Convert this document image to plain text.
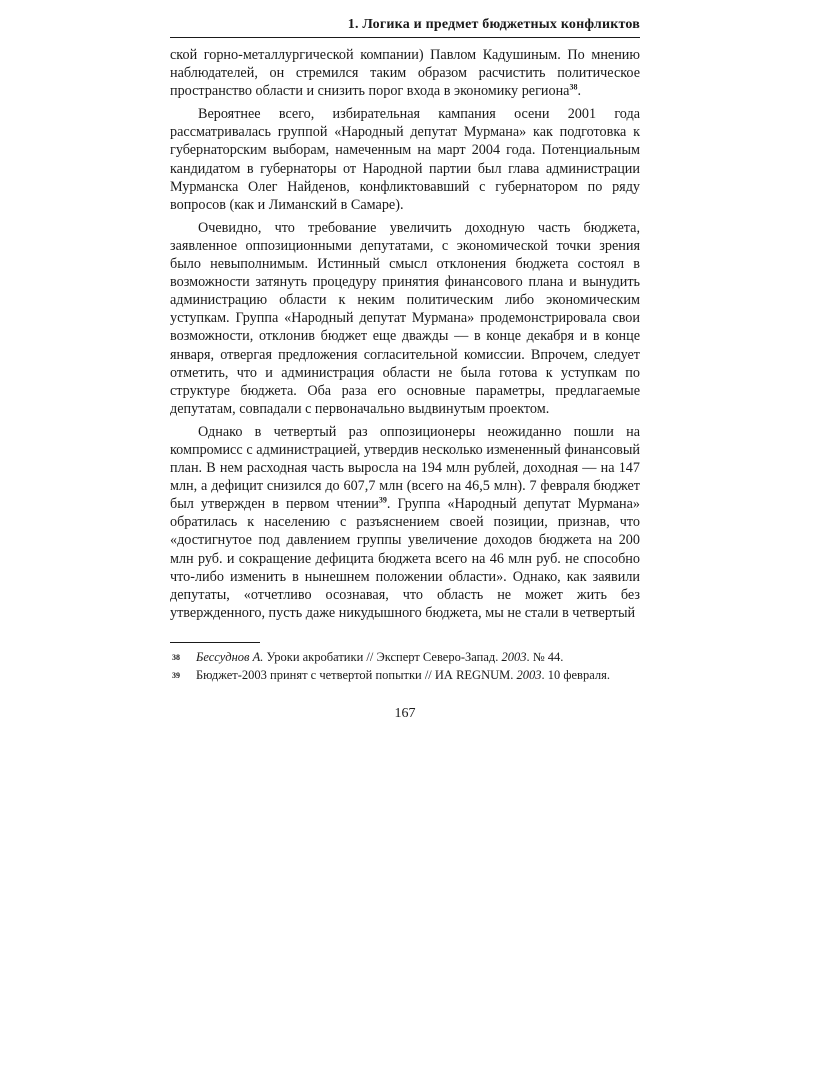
1. Логика и предмет бюджетных конфликтов

ской горно-металлургической компании) Павлом Кадушиным. По мнению наблюдателей, он стремился таким образом расчистить политическое пространство области и снизить порог входа в экономику региона$^{38}$.

Вероятнее всего, избирательная кампания осени 2001 года рассматривалась группой «Народный депутат Мурмана» как подготовка к губернаторским выборам, намеченным на март 2004 года. Потенциальным кандидатом в губернаторы от Народной партии был глава администрации Мурманска Олег Найденов, конфликтовавший с губернатором по ряду вопросов (как и Лиманский в Самаре).

Очевидно, что требование увеличить доходную часть бюджета, заявленное оппозиционными депутатами, с экономической точки зрения было невыполнимым. Истинный смысл отклонения бюджета состоял в возможности затянуть процедуру принятия финансового плана и вынудить администрацию области к неким политическим либо экономическим уступкам. Группа «Народный депутат Мурмана» продемонстрировала свои возможности, отклонив бюджет еще дважды — в конце декабря и в конце января, отвергая предложения согласительной комиссии. Впрочем, следует отметить, что и администрация области не была готова к уступкам по структуре бюджета. Оба раза его основные параметры, предлагаемые депутатам, совпадали с первоначально выдвинутым проектом.

Однако в четвертый раз оппозиционеры неожиданно пошли на компромисс с администрацией, утвердив несколько измененный финансовый план. В нем расходная часть выросла на 194 млн рублей, доходная — на 147 млн, а дефицит снизился до 607,7 млн (всего на 46,5 млн). 7 февраля бюджет был утвержден в первом чтении$^{39}$. Группа «Народный депутат Мурмана» обратилась к населению с разъяснением своей позиции, признав, что «достигнутое под давлением группы увеличение доходов бюджета на 200 млн руб. и сокращение дефицита бюджета всего на 46 млн руб. не способно что-либо изменить в нынешнем положении области». Однако, как заявили депутаты, «отчетливо осознавая, что область не может жить без утвержденного, пусть даже никудышного бюджета, мы не стали в четвертый

38	Бессуднов А. Уроки акробатики // Эксперт Северо-Запад. 2003. № 44.
39	Бюджет-2003 принят с четвертой попытки // ИА REGNUM. 2003. 10 февраля.
167
